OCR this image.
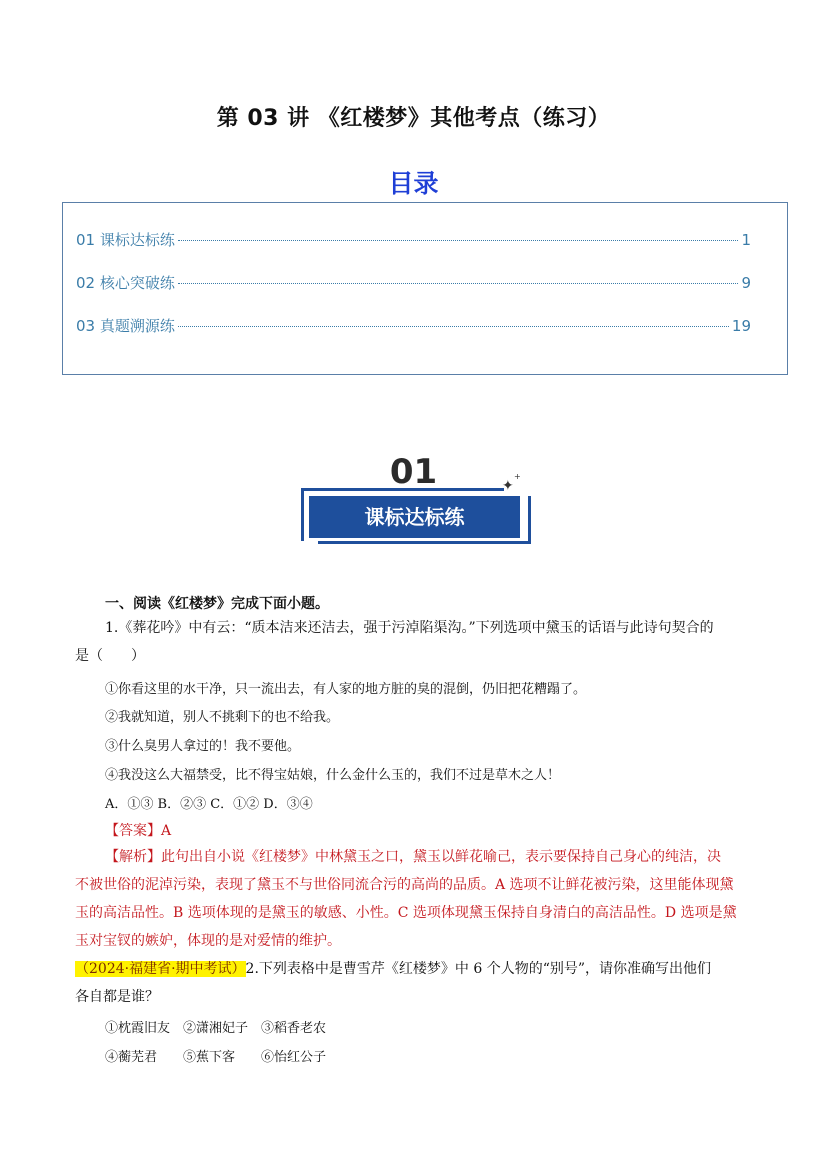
第 03 讲 《红楼梦》其他考点（练习）
目录
01 课标达标练	1
02 核心突破练	9
03 真题溯源练	19
01
课标达标练
✦
+
一、阅读《红楼梦》完成下面小题。
1.《葬花吟》中有云：“质本洁来还洁去，强于污淖陷渠沟。”下列选项中黛玉的话语与此诗句契合的
是（　　）
①你看这里的水干净，只一流出去，有人家的地方脏的臭的混倒，仍旧把花糟蹋了。
②我就知道，别人不挑剩下的也不给我。
③什么臭男人拿过的！我不要他。
④我没这么大福禁受，比不得宝姑娘，什么金什么玉的，我们不过是草木之人！
A．①③ B．②③ C．①② D．③④
【答案】A
【解析】此句出自小说《红楼梦》中林黛玉之口，黛玉以鲜花喻己，表示要保持自己身心的纯洁，决
不被世俗的泥淖污染，表现了黛玉不与世俗同流合污的高尚的品质。A 选项不让鲜花被污染，这里能体现黛
玉的高洁品性。B 选项体现的是黛玉的敏感、小性。C 选项体现黛玉保持自身清白的高洁品性。D 选项是黛
玉对宝钗的嫉妒，体现的是对爱情的维护。
（2024·福建省·期中考试）2.下列表格中是曹雪芹《红楼梦》中 6 个人物的“别号”，请你准确写出他们
各自都是谁？
①枕霞旧友　②潇湘妃子　③稻香老农
④蘅芜君　　⑤蕉下客　　⑥怡红公子
